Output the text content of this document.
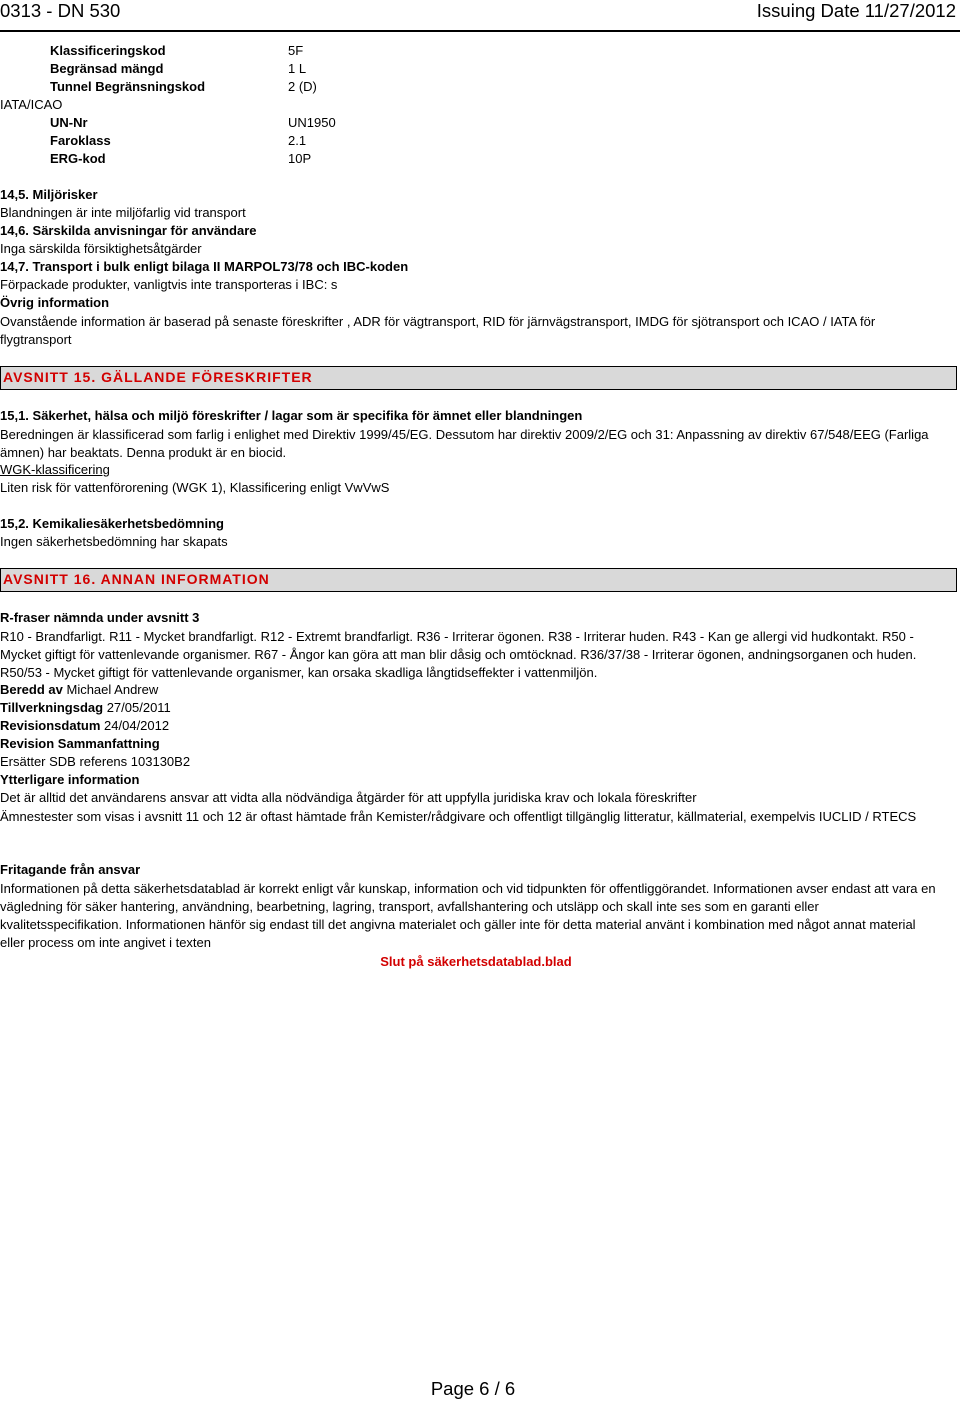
0313 - DN 530	Issuing Date 11/27/2012
Klassificeringskod	5F
Begränsad mängd	1 L
Tunnel Begränsningskod	2 (D)
IATA/ICAO
UN-Nr	UN1950
Faroklass	2.1
ERG-kod	10P
14,5. Miljörisker
Blandningen är inte miljöfarlig vid transport
14,6. Särskilda anvisningar för användare
Inga särskilda försiktighetsåtgärder
14,7. Transport i bulk enligt bilaga II MARPOL73/78 och IBC-koden
Förpackade produkter, vanligtvis inte transporteras i IBC: s
Övrig information
Ovanstående information är baserad på senaste föreskrifter , ADR för vägtransport, RID för järnvägstransport, IMDG för sjötransport och ICAO / IATA för flygtransport
AVSNITT 15. GÄLLANDE FÖRESKRIFTER
15,1. Säkerhet, hälsa och miljö föreskrifter / lagar som är specifika för ämnet eller blandningen
Beredningen är klassificerad som farlig i enlighet med Direktiv 1999/45/EG. Dessutom har direktiv 2009/2/EG och 31: Anpassning av direktiv 67/548/EEG (Farliga ämnen) har beaktats. Denna produkt är en biocid.
WGK-klassificering
Liten risk för vattenförorening (WGK 1), Klassificering enligt VwVwS
15,2. Kemikaliesäkerhetsbedömning
Ingen säkerhetsbedömning har skapats
AVSNITT 16. ANNAN INFORMATION
R-fraser nämnda under avsnitt 3
R10 - Brandfarligt. R11 - Mycket brandfarligt. R12 - Extremt brandfarligt. R36 - Irriterar ögonen. R38 - Irriterar huden. R43 - Kan ge allergi vid hudkontakt. R50 - Mycket giftigt för vattenlevande organismer. R67 - Ångor kan göra att man blir dåsig och omtöcknad. R36/37/38 - Irriterar ögonen, andningsorganen och huden. R50/53 - Mycket giftigt för vattenlevande organismer, kan orsaka skadliga långtidseffekter i vattenmiljön.
Beredd av Michael Andrew
Tillverkningsdag 27/05/2011
Revisionsdatum 24/04/2012
Revision Sammanfattning
Ersätter SDB referens 103130B2
Ytterligare information
Det är alltid det användarens ansvar att vidta alla nödvändiga åtgärder för att uppfylla juridiska krav och lokala föreskrifter
Ämnestester som visas i avsnitt 11 och 12 är oftast hämtade från Kemister/rådgivare och offentligt tillgänglig litteratur, källmaterial, exempelvis IUCLID / RTECS
Fritagande från ansvar
Informationen på detta säkerhetsdatablad är korrekt enligt vår kunskap, information och vid tidpunkten för offentliggörandet. Informationen avser endast att vara en vägledning för säker hantering, användning, bearbetning, lagring, transport, avfallshantering och utsläpp och skall inte ses som en garanti eller kvalitetsspecifikation. Informationen hänför sig endast till det angivna materialet och gäller inte för detta material använt i kombination med något annat material eller process om inte angivet i texten
Slut på säkerhetsdatablad.blad
Page 6 / 6
